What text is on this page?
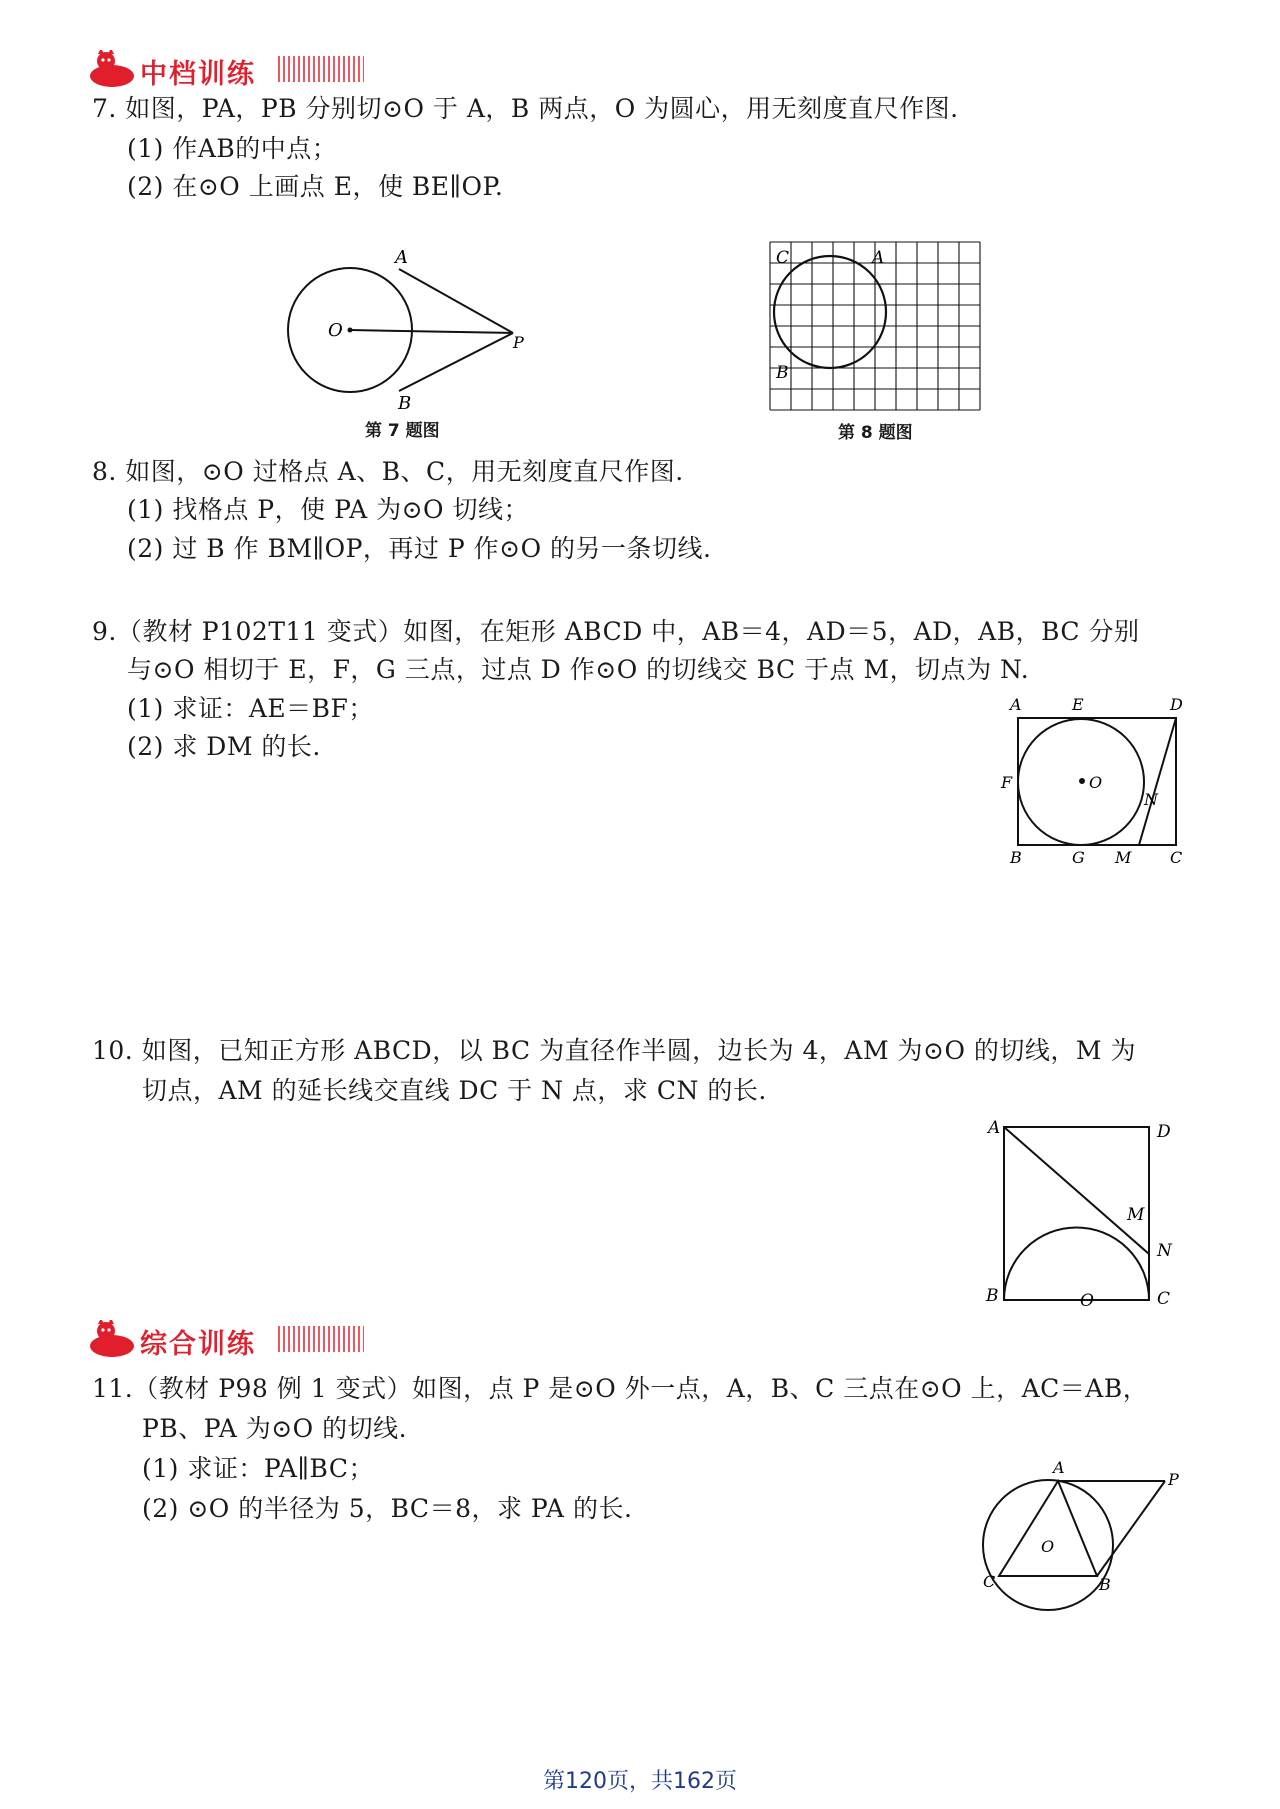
中档训练
7. 如图，PA，PB 分别切⊙O 于 A，B 两点，O 为圆心，用无刻度直尺作图.
(1) 作AB的中点；
(2) 在⊙O 上画点 E，使 BE∥OP.
A
B
O
P
第 7 题图
C	A
B
第 8 题图
8. 如图，⊙O 过格点 A、B、C，用无刻度直尺作图.
(1) 找格点 P，使 PA 为⊙O 切线；
(2) 过 B 作 BM∥OP，再过 P 作⊙O 的另一条切线.
9.（教材 P102T11 变式）如图，在矩形 ABCD 中，AB＝4，AD＝5，AD，AB，BC 分别
与⊙O 相切于 E，F，G 三点，过点 D 作⊙O 的切线交 BC 于点 M，切点为 N.
(1) 求证：AE＝BF；
(2) 求 DM 的长.
A	E	D
F	O
N
B	G M C
10. 如图，已知正方形 ABCD，以 BC 为直径作半圆，边长为 4，AM 为⊙O 的切线，M 为
切点，AM 的延长线交直线 DC 于 N 点，求 CN 的长.
A	D
M
N
B	O	C
综合训练
11.（教材 P98 例 1 变式）如图，点 P 是⊙O 外一点，A，B、C 三点在⊙O 上，AC＝AB，
PB、PA 为⊙O 的切线.
(1) 求证：PA∥BC；
(2) ⊙O 的半径为 5，BC＝8，求 PA 的长.
A
P
O
C	B
第120页，共162页
